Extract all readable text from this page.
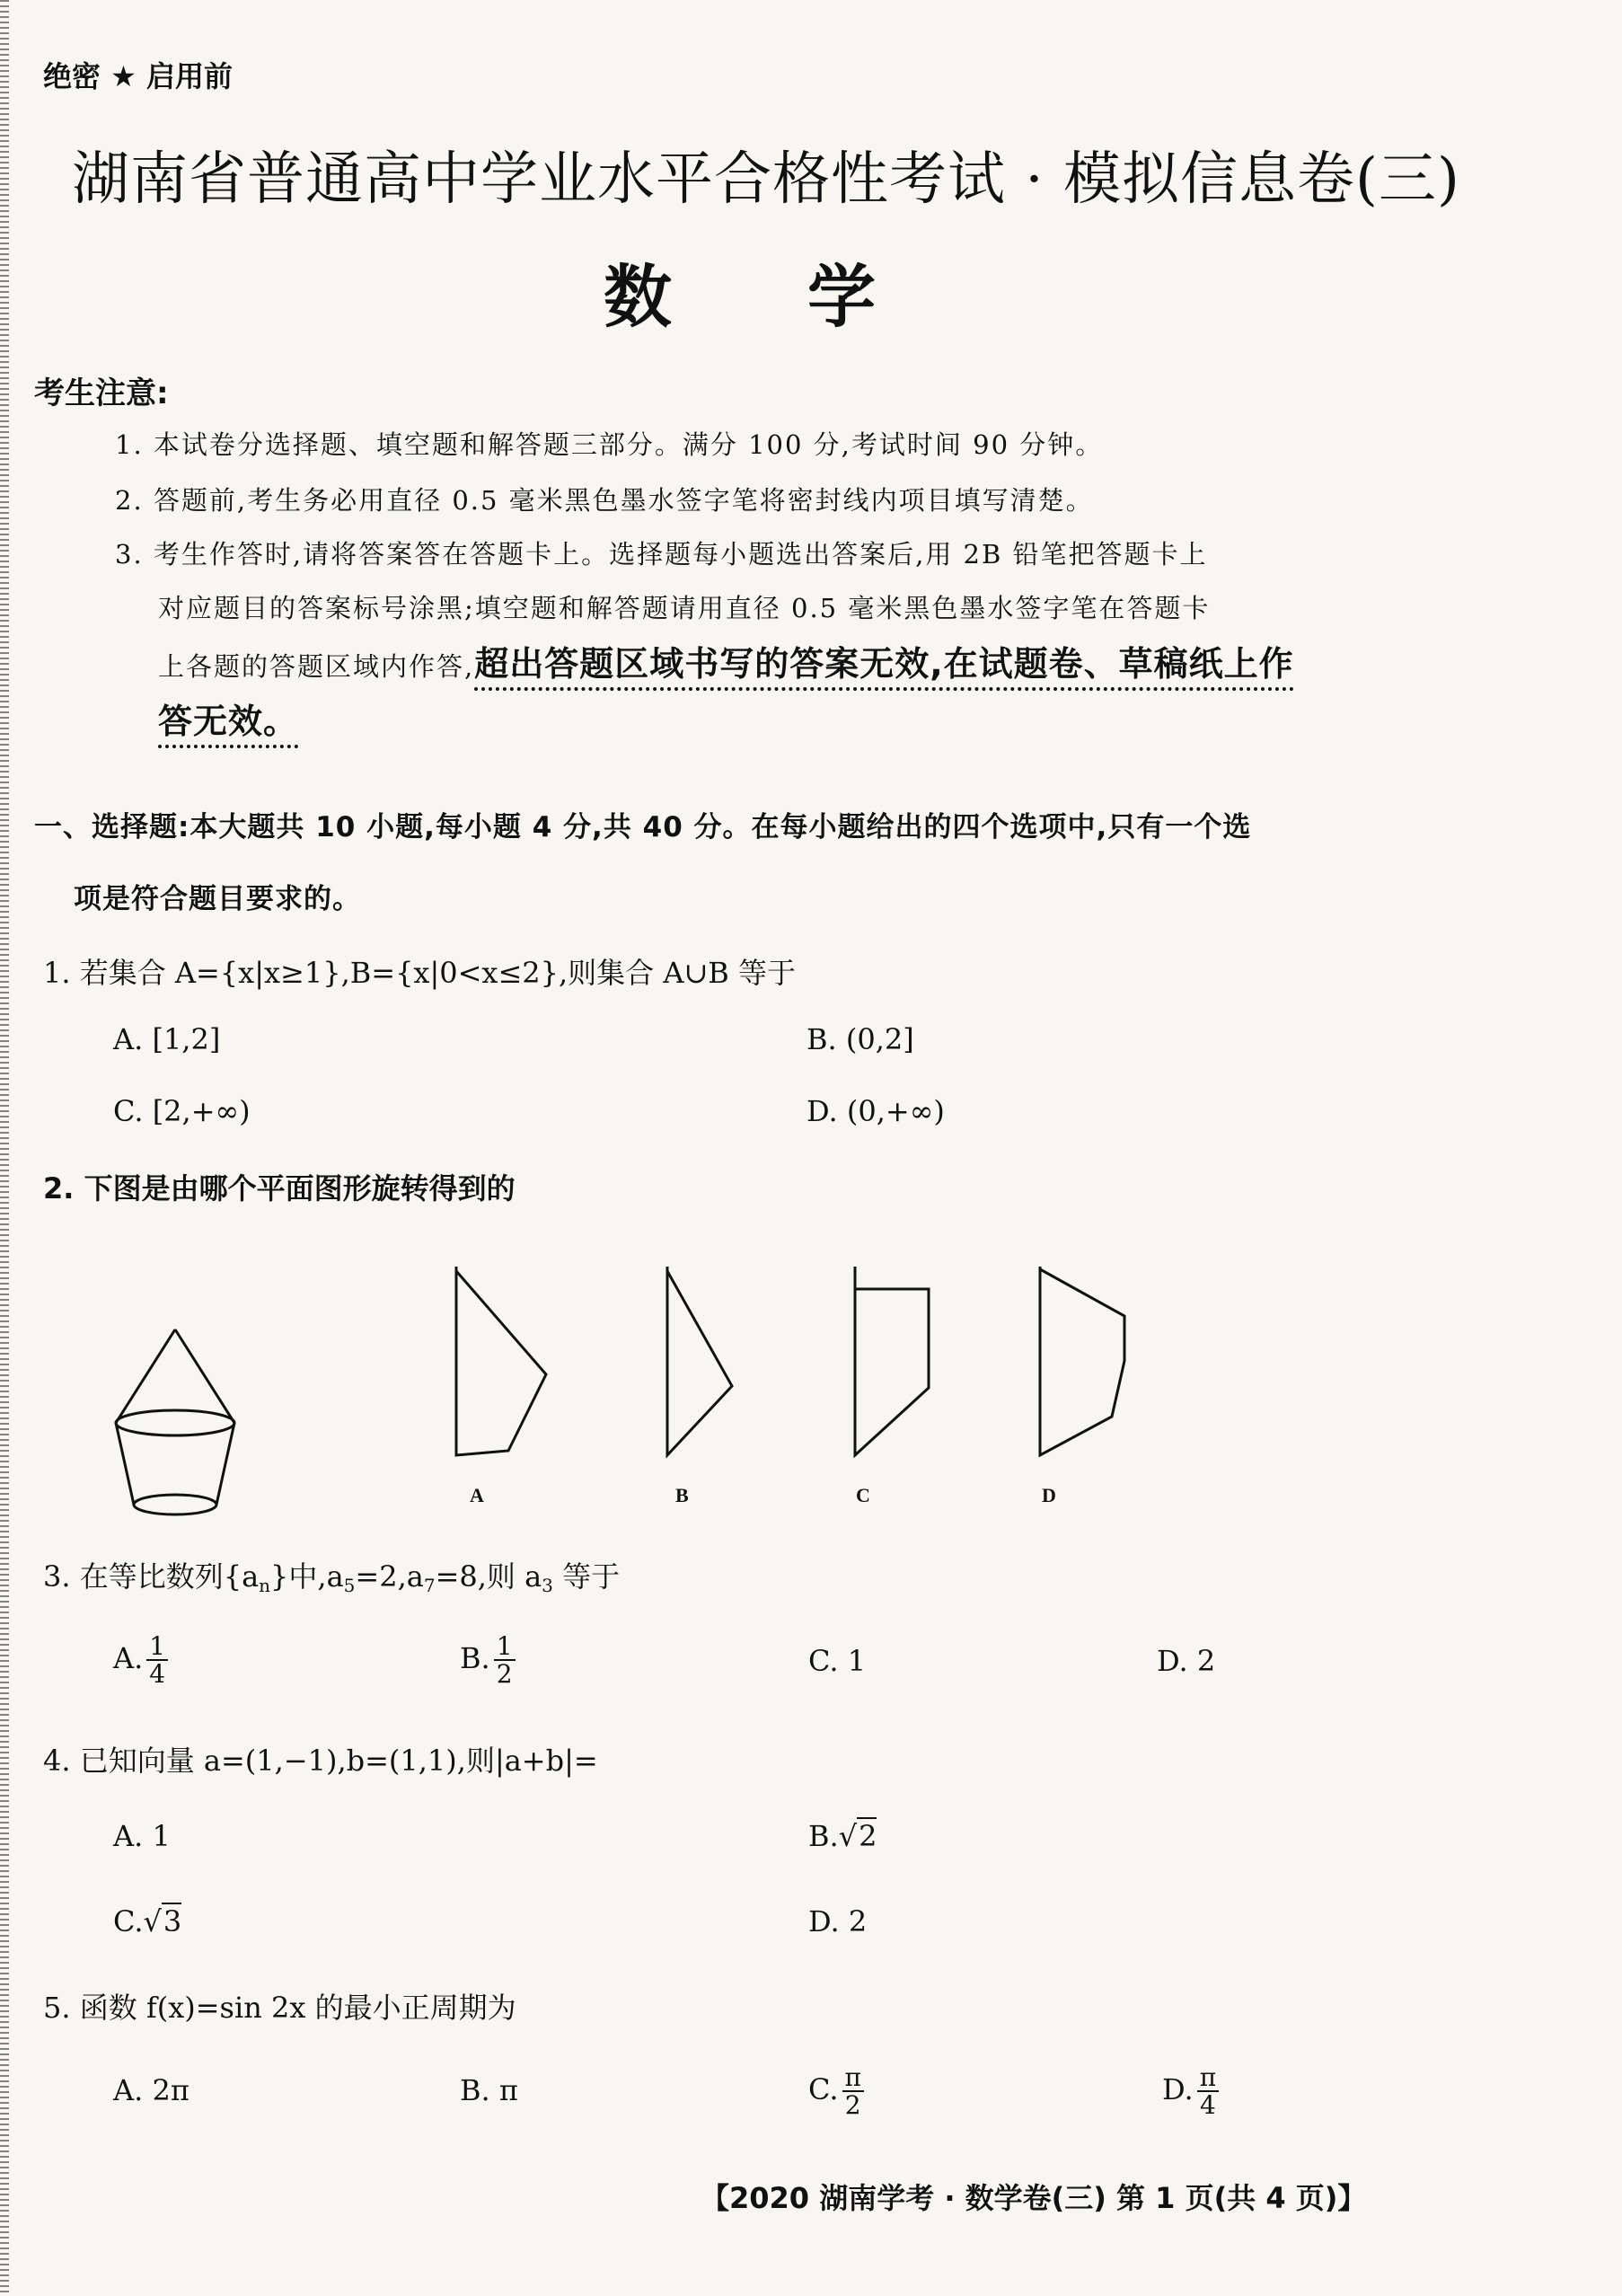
绝密 ★ 启用前
湖南省普通高中学业水平合格性考试 · 模拟信息卷(三)
数 学
考生注意:
1. 本试卷分选择题、填空题和解答题三部分。满分 100 分,考试时间 90 分钟。
2. 答题前,考生务必用直径 0.5 毫米黑色墨水签字笔将密封线内项目填写清楚。
3. 考生作答时,请将答案答在答题卡上。选择题每小题选出答案后,用 2B 铅笔把答题卡上
对应题目的答案标号涂黑;填空题和解答题请用直径 0.5 毫米黑色墨水签字笔在答题卡
上各题的答题区域内作答,超出答题区域书写的答案无效,在试题卷、草稿纸上作
答无效。
一、选择题:本大题共 10 小题,每小题 4 分,共 40 分。在每小题给出的四个选项中,只有一个选
项是符合题目要求的。
1. 若集合 A={x|x≥1},B={x|0<x≤2},则集合 A∪B 等于
A. [1,2]	B. (0,2]
C. [2,+∞)	D. (0,+∞)
2. 下图是由哪个平面图形旋转得到的
A	B	C	D
3. 在等比数列$\{a_n\}$中$,a_5=2,a_7=8$,则 $a_3$ 等于
A. $\frac{1}{4}$	B. $\frac{1}{2}$	C. 1	D. 2
4. 已知向量 a=(1,−1),b=(1,1),则|a+b|=
A. 1	B.√2
C.√3	D. 2
5. 函数 f(x)=sin 2x 的最小正周期为
A. 2π	B. π	C. $\frac{\pi}{2}$	D. $\frac{\pi}{4}$
【2020 湖南学考 · 数学卷(三) 第 1 页(共 4 页)】
